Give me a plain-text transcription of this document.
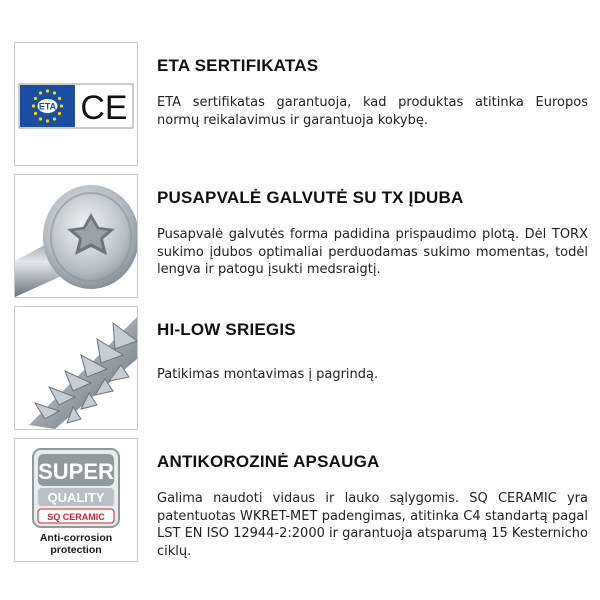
ETA CE
ETA SERTIFIKATAS

ETA sertifikatas garantuoja, kad produktas atitinka Europos normų reikalavimus ir garantuoja kokybę.

PUSAPVALĖ GALVUTĖ SU TX ĮDUBA

Pusapvalė galvutės forma padidina prispaudimo plotą. Dėl TORX sukimo įdubos optimaliai perduodamas sukimo momentas, todėl lengva ir patogu įsukti medsraigtį.

HI-LOW SRIEGIS

Patikimas montavimas į pagrindą.

SUPER
QUALITY
SQ CERAMIC
Anti-corrosion
protection
ANTIKOROZINĖ APSAUGA

Galima naudoti vidaus ir lauko sąlygomis. SQ CERAMIC yra patentuotas WKRET-MET padengimas, atitinka C4 standartą pagal LST EN ISO 12944-2:2000 ir garantuoja atsparumą 15 Kesterniсho ciklų.
